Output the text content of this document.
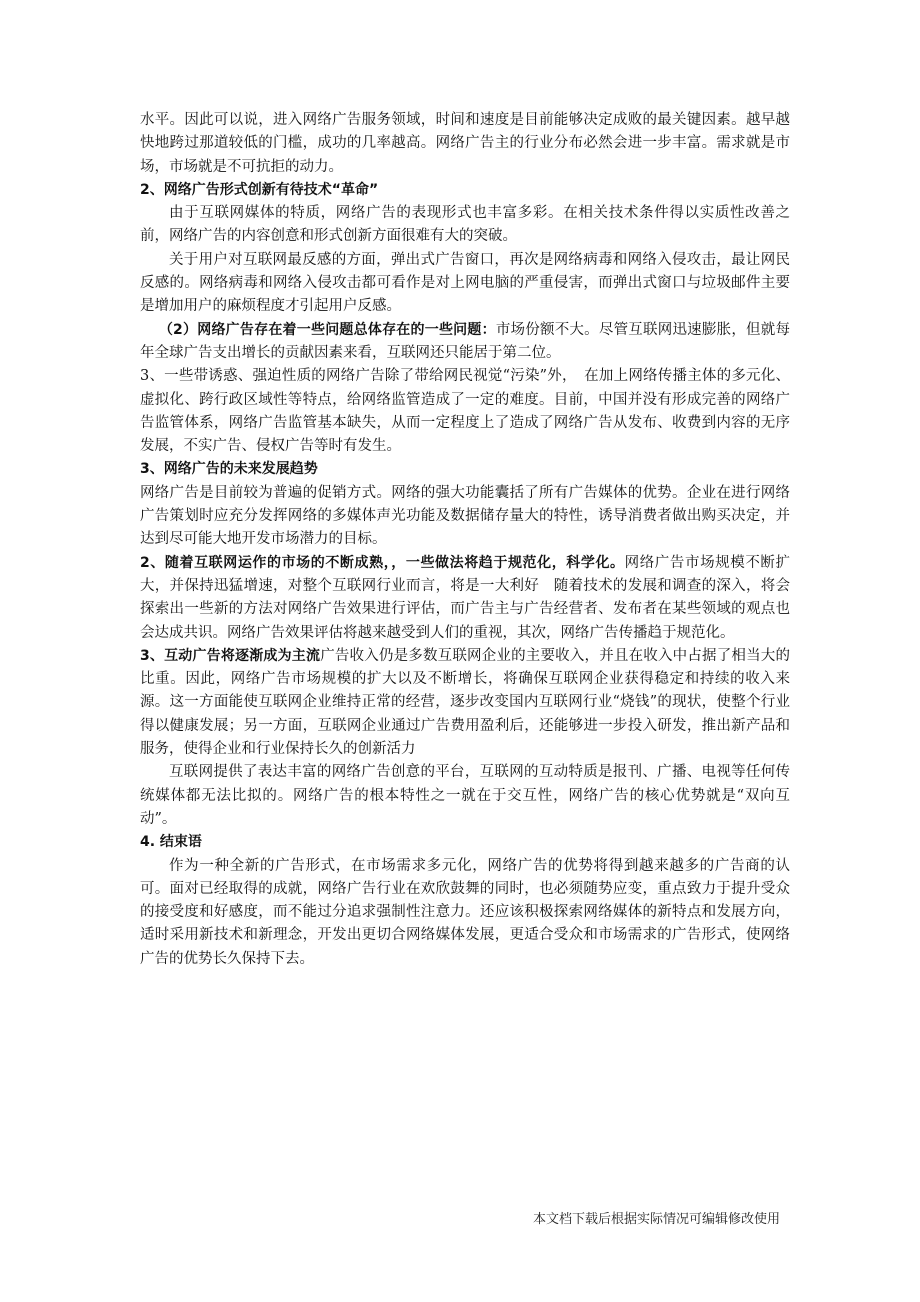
水平。因此可以说，进入网络广告服务领域，时间和速度是目前能够决定成败的最关键因素。越早越快地跨过那道较低的门槛，成功的几率越高。网络广告主的行业分布必然会进一步丰富。需求就是市场，市场就是不可抗拒的动力。

2、网络广告形式创新有待技术“革命”

由于互联网媒体的特质，网络广告的表现形式也丰富多彩。在相关技术条件得以实质性改善之前，网络广告的内容创意和形式创新方面很难有大的突破。

关于用户对互联网最反感的方面，弹出式广告窗口，再次是网络病毒和网络入侵攻击，最让网民反感的。网络病毒和网络入侵攻击都可看作是对上网电脑的严重侵害，而弹出式窗口与垃圾邮件主要是增加用户的麻烦程度才引起用户反感。

（2）网络广告存在着一些问题总体存在的一些问题：市场份额不大。尽管互联网迅速膨胀，但就每年全球广告支出增长的贡献因素来看，互联网还只能居于第二位。

3、一些带诱惑、强迫性质的网络广告除了带给网民视觉“污染”外，　在加上网络传播主体的多元化、虚拟化、跨行政区域性等特点，给网络监管造成了一定的难度。目前，中国并没有形成完善的网络广告监管体系，网络广告监管基本缺失，从而一定程度上了造成了网络广告从发布、收费到内容的无序发展，不实广告、侵权广告等时有发生。

3、网络广告的未来发展趋势

网络广告是目前较为普遍的促销方式。网络的强大功能囊括了所有广告媒体的优势。企业在进行网络广告策划时应充分发挥网络的多媒体声光功能及数据储存量大的特性，诱导消费者做出购买决定，并达到尽可能大地开发市场潜力的目标。

2、随着互联网运作的市场的不断成熟，，一些做法将趋于规范化，科学化。网络广告市场规模不断扩大，并保持迅猛增速，对整个互联网行业而言，将是一大利好　随着技术的发展和调查的深入，将会探索出一些新的方法对网络广告效果进行评估，而广告主与广告经营者、发布者在某些领域的观点也会达成共识。网络广告效果评估将越来越受到人们的重视，其次，网络广告传播趋于规范化。

3、互动广告将逐渐成为主流广告收入仍是多数互联网企业的主要收入，并且在收入中占据了相当大的比重。因此，网络广告市场规模的扩大以及不断增长，将确保互联网企业获得稳定和持续的收入来源。这一方面能使互联网企业维持正常的经营，逐步改变国内互联网行业“烧钱”的现状，使整个行业得以健康发展；另一方面，互联网企业通过广告费用盈利后，还能够进一步投入研发，推出新产品和服务，使得企业和行业保持长久的创新活力

互联网提供了表达丰富的网络广告创意的平台，互联网的互动特质是报刊、广播、电视等任何传统媒体都无法比拟的。网络广告的根本特性之一就在于交互性，网络广告的核心优势就是“双向互动”。

4. 结束语

作为一种全新的广告形式，在市场需求多元化，网络广告的优势将得到越来越多的广告商的认可。面对已经取得的成就，网络广告行业在欢欣鼓舞的同时，也必须随势应变，重点致力于提升受众的接受度和好感度，而不能过分追求强制性注意力。还应该积极探索网络媒体的新特点和发展方向，适时采用新技术和新理念，开发出更切合网络媒体发展，更适合受众和市场需求的广告形式，使网络广告的优势长久保持下去。

本文档下载后根据实际情况可编辑修改使用
